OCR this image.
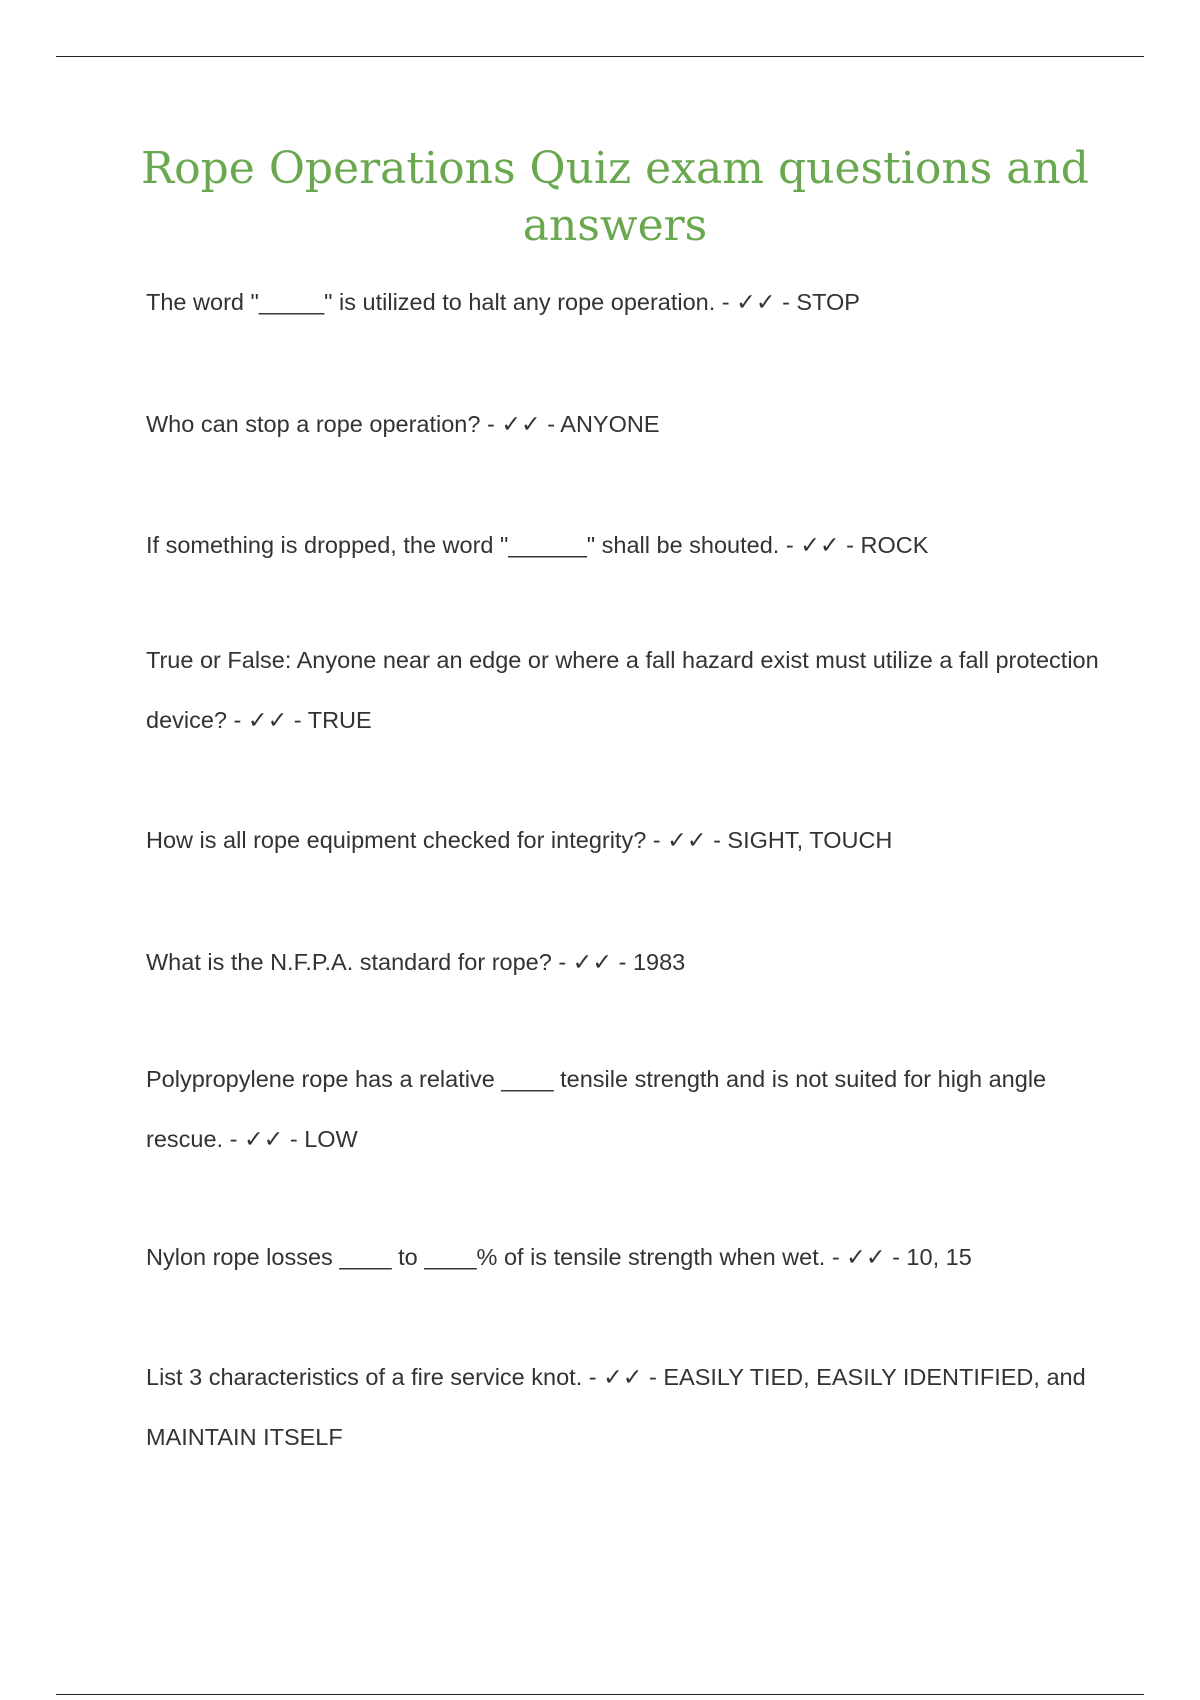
Rope Operations Quiz exam questions and answers

The word "_____" is utilized to halt any rope operation. - ✓✓ - STOP

Who can stop a rope operation? - ✓✓ - ANYONE

If something is dropped, the word "______" shall be shouted. - ✓✓ - ROCK

True or False: Anyone near an edge or where a fall hazard exist must utilize a fall protection device? - ✓✓ - TRUE

How is all rope equipment checked for integrity? - ✓✓ - SIGHT, TOUCH

What is the N.F.P.A. standard for rope? - ✓✓ - 1983

Polypropylene rope has a relative ____ tensile strength and is not suited for high angle rescue. - ✓✓ - LOW

Nylon rope losses ____ to ____% of is tensile strength when wet. - ✓✓ - 10, 15

List 3 characteristics of a fire service knot. - ✓✓ - EASILY TIED, EASILY IDENTIFIED, and MAINTAIN ITSELF
